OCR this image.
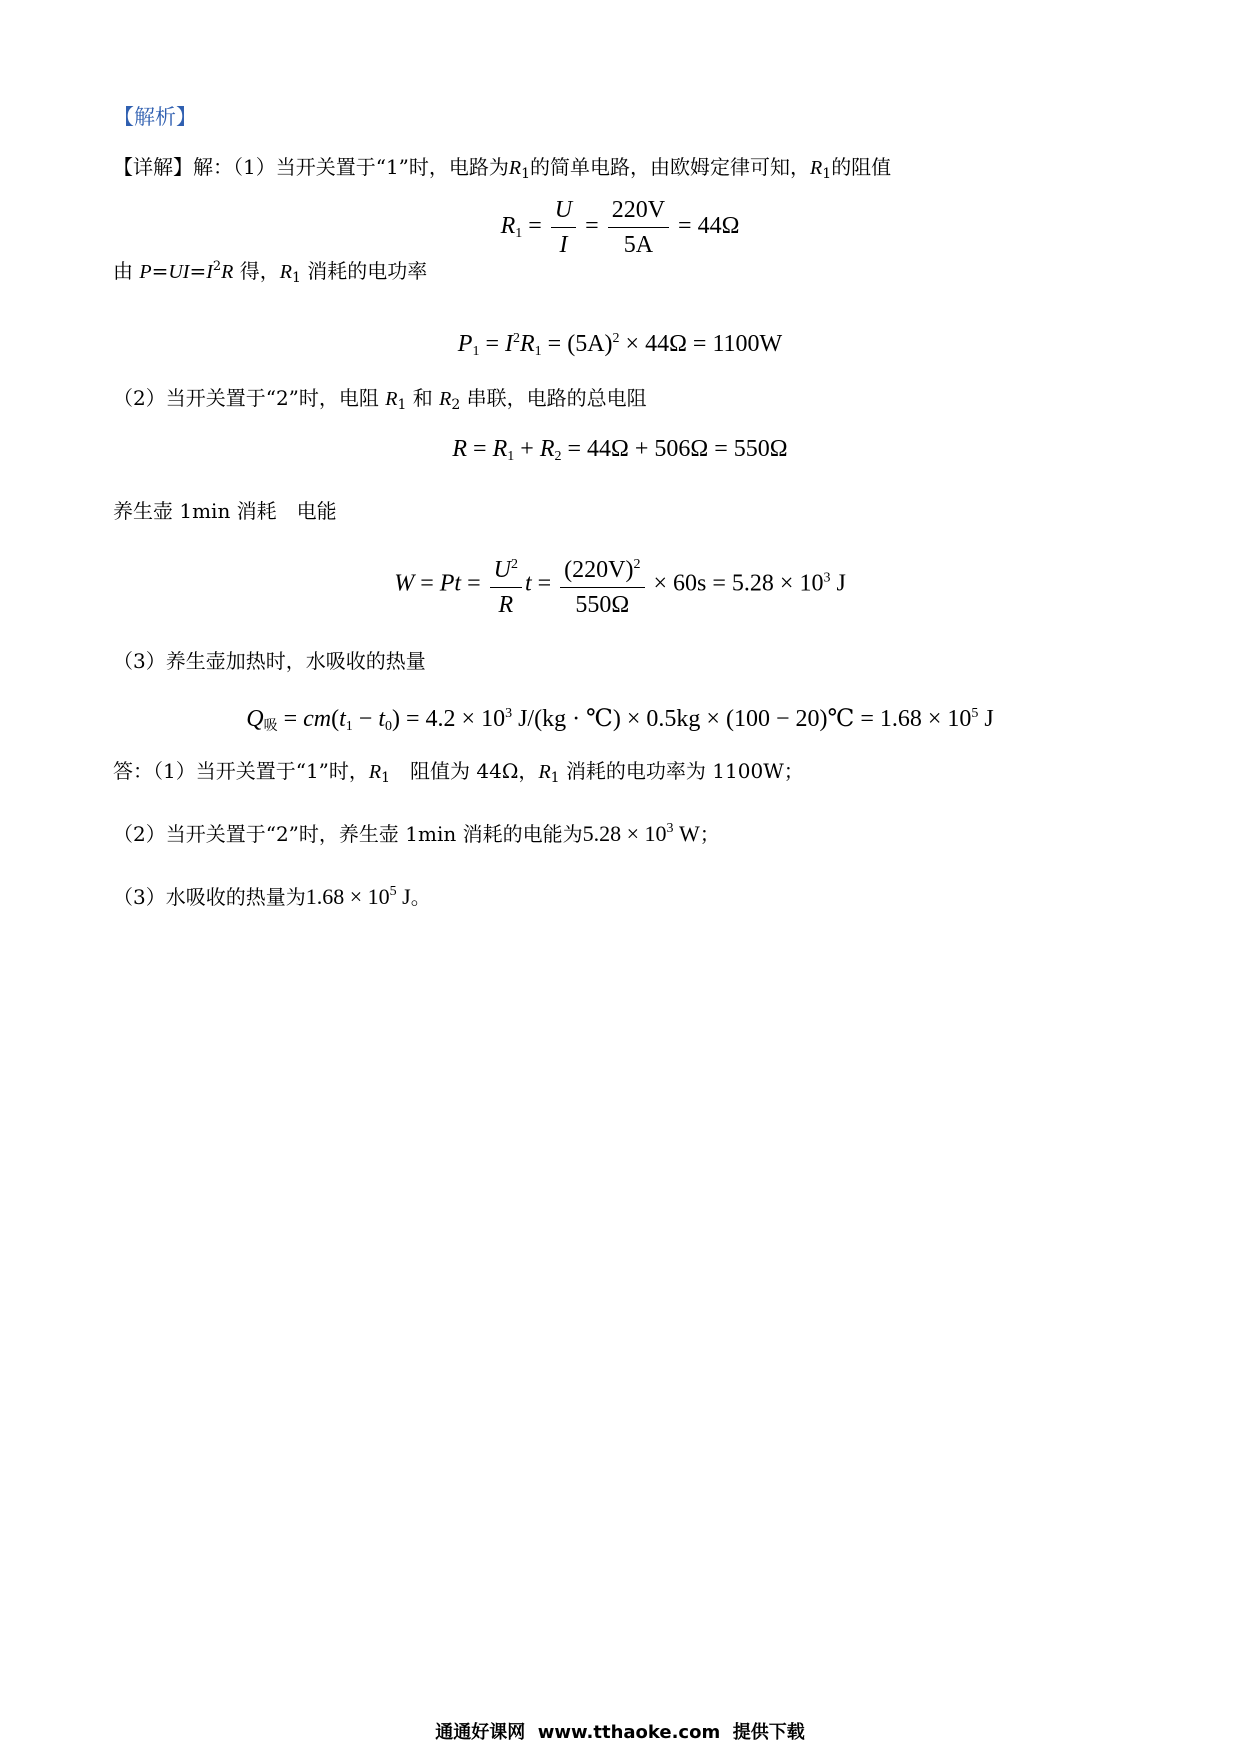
【解析】
【详解】解：（1）当开关置于“1”时，电路为$R_1$的简单电路，由欧姆定律可知，$R_1$的阻值
$R_1 = \frac{U}{I} = \frac{220V}{5A} = 44\Omega$
由 $P=UI=I^2R$ 得，$R_1$ 消耗的电功率
$P_1 = I^2R_1 = (5A)^2 \times 44\Omega = 1100W$
（2）当开关置于“2”时，电阻 $R_1$ 和 $R_2$ 串联，电路的总电阻
$R = R_1 + R_2 = 44\Omega + 506\Omega = 550\Omega$
养生壶 1min 消耗　电能
$W = Pt = \frac{U^2}{R}$ $t = \frac{(220V)^2}{550\Omega} \times 60s = 5.28 \times 10^3$ J
（3）养生壶加热时，水吸收的热量
$Q_吸 = cm(t_1 - t_0) = 4.2 \times 10^3$ J/(kg · ℃) × 0.5kg × (100 − 20)℃ = $1.68 \times 10^5$ J
答：（1）当开关置于“1”时，$R_1$　阻值为 44Ω，$R_1$ 消耗的电功率为 1100W；
（2）当开关置于“2”时，养生壶 1min 消耗的电能为$5.28 \times 10^3$ W；
（3）水吸收的热量为$1.68 \times 10^5$ J。
通通好课网 www.tthaoke.com 提供下载
